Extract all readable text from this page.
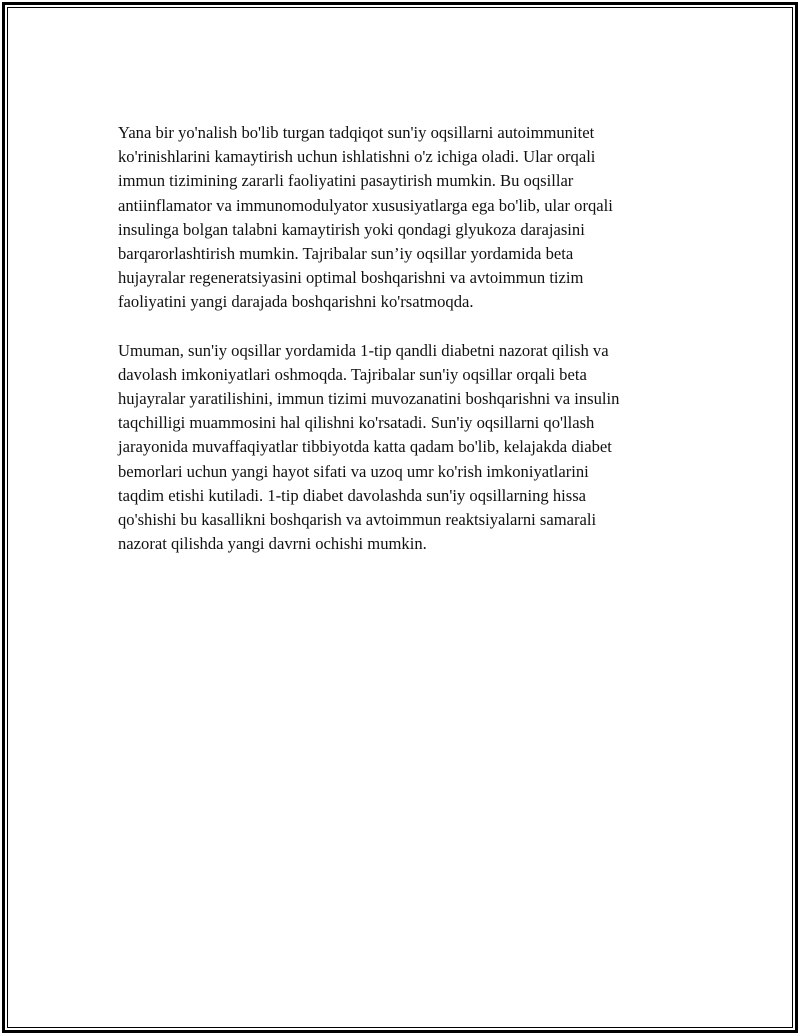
Yana bir yo'nalish bo'lib turgan tadqiqot sun'iy oqsillarni autoimmunitet
ko'rinishlarini kamaytirish uchun ishlatishni o'z ichiga oladi. Ular orqali
immun tizimining zararli faoliyatini pasaytirish mumkin. Bu oqsillar
antiinflamator va immunomodulyator xususiyatlarga ega bo'lib, ular orqali
insulinga bolgan talabni kamaytirish yoki qondagi glyukoza darajasini
barqarorlashtirish mumkin. Tajribalar sun’iy oqsillar yordamida beta
hujayralar regeneratsiyasini optimal boshqarishni va avtoimmun tizim
faoliyatini yangi darajada boshqarishni ko'rsatmoqda.

Umuman, sun'iy oqsillar yordamida 1-tip qandli diabetni nazorat qilish va
davolash imkoniyatlari oshmoqda. Tajribalar sun'iy oqsillar orqali beta
hujayralar yaratilishini, immun tizimi muvozanatini boshqarishni va insulin
taqchilligi muammosini hal qilishni ko'rsatadi. Sun'iy oqsillarni qo'llash
jarayonida muvaffaqiyatlar tibbiyotda katta qadam bo'lib, kelajakda diabet
bemorlari uchun yangi hayot sifati va uzoq umr ko'rish imkoniyatlarini
taqdim etishi kutiladi. 1-tip diabet davolashda sun'iy oqsillarning hissa
qo'shishi bu kasallikni boshqarish va avtoimmun reaktsiyalarni samarali
nazorat qilishda yangi davrni ochishi mumkin.
